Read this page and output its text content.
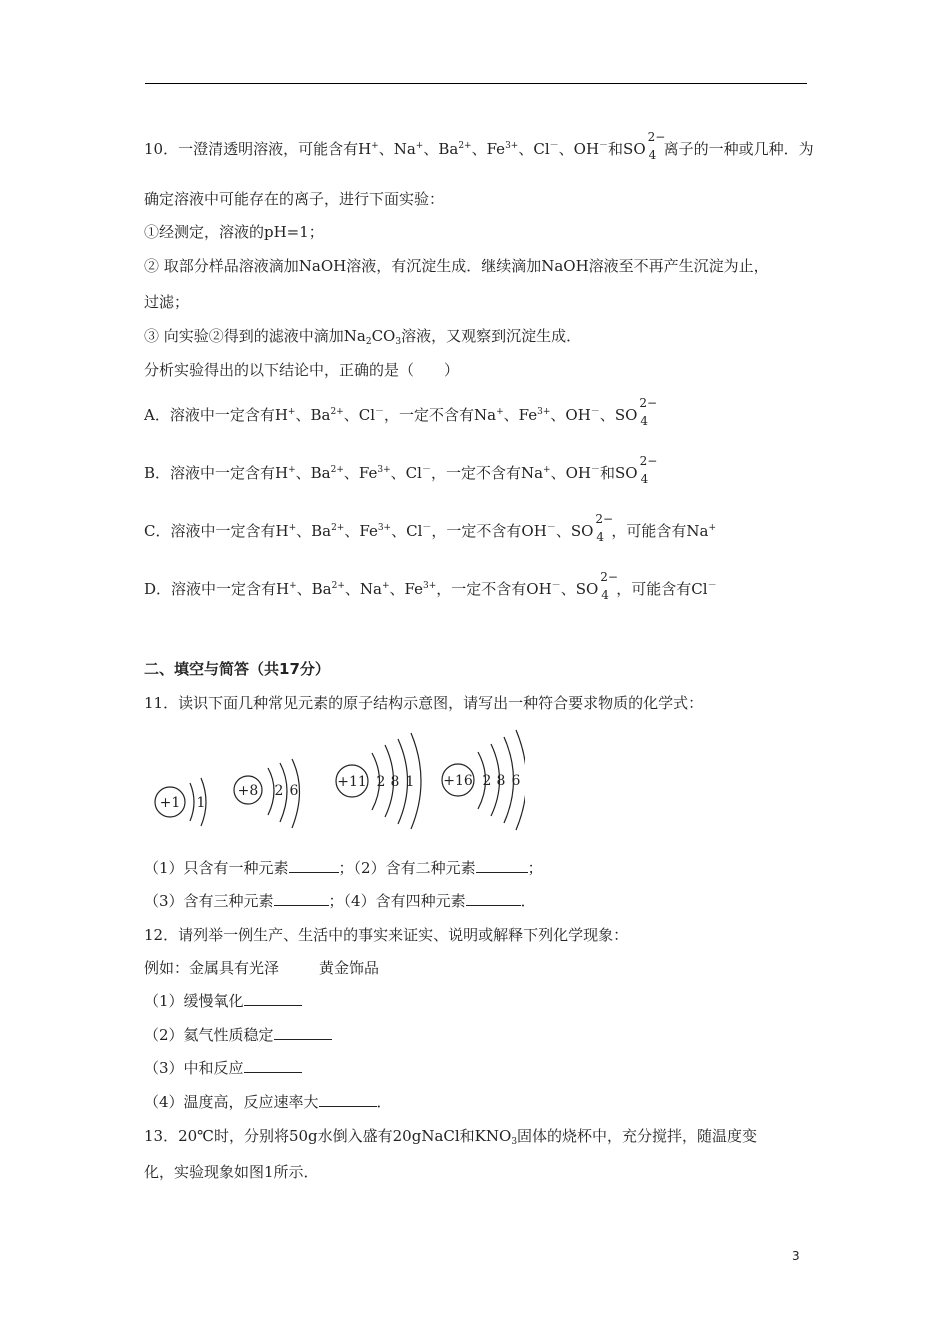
10．一澄清透明溶液，可能含有H+、Na+、$Ba^{2+}$、$Fe^{3+}$、Cl－、OH－和SO
2−
4 离子的一种或几种．为
确定溶液中可能存在的离子，进行下面实验：
①经测定，溶液的pH=1；
② 取部分样品溶液滴加NaOH溶液，有沉淀生成．继续滴加NaOH溶液至不再产生沉淀为止，
过滤；
③ 向实验②得到的滤液中滴加$Na_2CO_3$溶液，又观察到沉淀生成．
分析实验得出的以下结论中，正确的是（　　）
A．溶液中一定含有H+、$Ba^{2+}$、Cl－，一定不含有Na+、$Fe^{3+}$、OH－、SO
2−
4
B．溶液中一定含有H+、$Ba^{2+}$、$Fe^{3+}$、Cl－，一定不含有Na+、OH－和SO
2−
4
C．溶液中一定含有H+、$Ba^{2+}$、$Fe^{3+}$、Cl－，一定不含有OH－、SO
2−
4 ，可能含有Na+
D．溶液中一定含有H+、$Ba^{2+}$、Na+、$Fe^{3+}$，一定不含有OH－、SO
2−
4 ，可能含有Cl－
二、填空与简答（共17分）
11．读识下面几种常见元素的原子结构示意图，请写出一种符合要求物质的化学式：
+1 1
+8 2 6
+11 2 8 1 +16 2 8 6
（1）只含有一种元素	；（2）含有二种元素	；
（3）含有三种元素	；（4）含有四种元素	．
12．请列举一例生产、生活中的事实来证实、说明或解释下列化学现象：
例如：金属具有光泽	黄金饰品
（1）缓慢氧化
（2）氦气性质稳定
（3）中和反应
（4）温度高，反应速率大	．
13．20℃时，分别将50g水倒入盛有20gNaCl和$KNO_3$固体的烧杯中，充分搅拌，随温度变
化，实验现象如图1所示．
3
